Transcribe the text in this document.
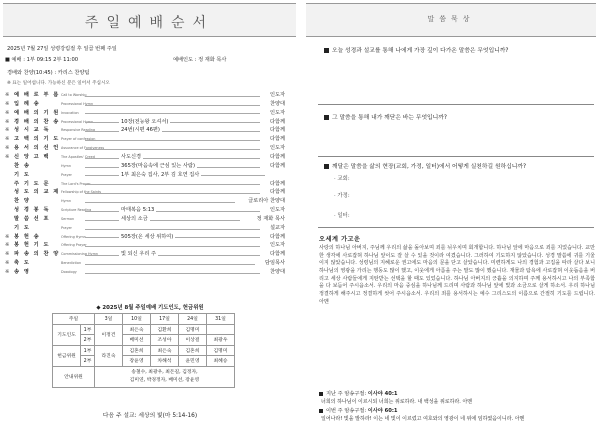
주일예배순서
2025년 7월 27일 성령강림절 후 일곱 번째 주일
■ 예배 : 1부 09:15 2부 11:00	예배인도 : 정 재화 목사
경배와 찬양(10:45) : 카리스 찬양팀
※ 표는 일어섭니다. 가능하신 분은 일어서 주십시오
※ 예 배 로 부 름 Call to Worship	인도자
※ 입 례 송	Processional Hymn	찬양대
※ 예 배 의 기 원 Invocation	인도자
※ 경 배 의 찬 송 Processional Hymn	10장(전능왕 오셔서)	다함께
※ 성 시 교 독	Responsive Reading	24번(시편 46편)	다함께
※ 고 백 의 기 도 Prayer of confession	다함께
※ 용 서 의 선 언 Assurance of Forgiveness	인도자
※ 신 앙 고 백	The Apostles' Creed	사도신경	다함께
찬 송	Hymn	365장(마음속에 근심 있는 사람)	다함께
기 도	Prayer	1부 최은숙 집사, 2부 김 호연 집사
주 기 도 문	The Lord's Prayer	다함께
성 도 의 교 제 Fellowship of the Saints	다함께
찬 양	Hymn	글로리아 찬양대
성 경 봉 독	Scripture Reading	마태복음 5:13	인도자
말 씀 선 포	Sermon	세상의 소금	정 재화 목사
기 도	Prayer	설교자
※ 봉 헌 송	Offering Hymn	505장(온 세상 위하여)	다함께
※ 봉 헌 기 도	Offering Prayer	인도자
※ 파 송 의 찬 양 Commissioning Hymn	빛 되신 우리 주	다함께
※ 축 도	Benediction	담임목사
※ 송 영	Doxology	찬양대
◆ 2025년 8월 주일예배 기도인도, 헌금위원
주일		3일	10일	17일	24일	31일
기도인도	1부	이정건	최은숙	김환희	김명미	
	2부		배미선	조성아	이상걸	최광우
헌금위원	1부	라진숙	김혼희	최은숙	김혼희	김명미
	2부		장윤영	차해석	윤민영	최혜승
안내위원		송철수, 최광우, 최돈길, 김정자,
김미연, 박경정자, 배미선, 장윤영				
다음 주 설교: 세상의 빛(마 5:14-16)
말씀묵상
오늘 성경과 설교를 통해 나에게 가장 깊이 다가온 말씀은 무엇입니까?
그 말씀을 통해 내가 깨닫은 바는 무엇입니까?
깨달은 말씀을 삶의 현장(교회, 가정, 일터)에서 어떻게 실천하길 원하십니까?
· 교회:
· 가정:
· 일터:
오세계 가고운
사랑의 하나님 아버지, 주님께 우리의 삶을 돌아보며 죄를 뉘우치며 회개합니다. 하나님 앞에 마음으로 죄를 지었습니다. 교만한 생각에 사로잡혀 하나님 앞이도 잘 살 수 있을 것이라 여겼습니다. 그러하여 기도하지 않았습니다. 성경 말씀에 귀를 기울이지 않았습니다. 성령님의 지혜로운 권고에도 마음의 문을 닫고 살았습니다. 미련하게도 나의 경험과 고집을 따라 살다 보니 하나님의 영광을 가리는 행동도 많이 했고, 이웃에게 아픔을 주는 말도 많이 했습니다. 재물과 탐욕에 사로잡혀 이웃돕음을 버리고 세상 사람들에게 지탄받는 선택을 할 때도 있었습니다. 하나님 아버지의 긍휼을 의지하며 주께 용서하시고 나의 부족함을 다 보듬어 주시옵소서. 우리의 마음 중심을 하나님께 드리며 사람과 하나님 앞에 빛과 소금으로 살게 하소서. 우리 하나님 정결하게 해주시고 정결하게 씻어 주시옵소서. 우리의 죄를 용서하시는 예수 그리스도의 이름으로 간절히 기도를 드립니다. 아멘
지난 주 암송구절: 이사야 40:1
너희의 하나님이 이르시되 너희는 위로하라. 내 백성을 위로하라. 아멘
이번 주 암송구절: 이사야 60:1
일어나라! 빛을 발하라! 이는 네 빛이 이르렀고 여호와의 영광이 네 위에 임하였음이니라. 아멘
